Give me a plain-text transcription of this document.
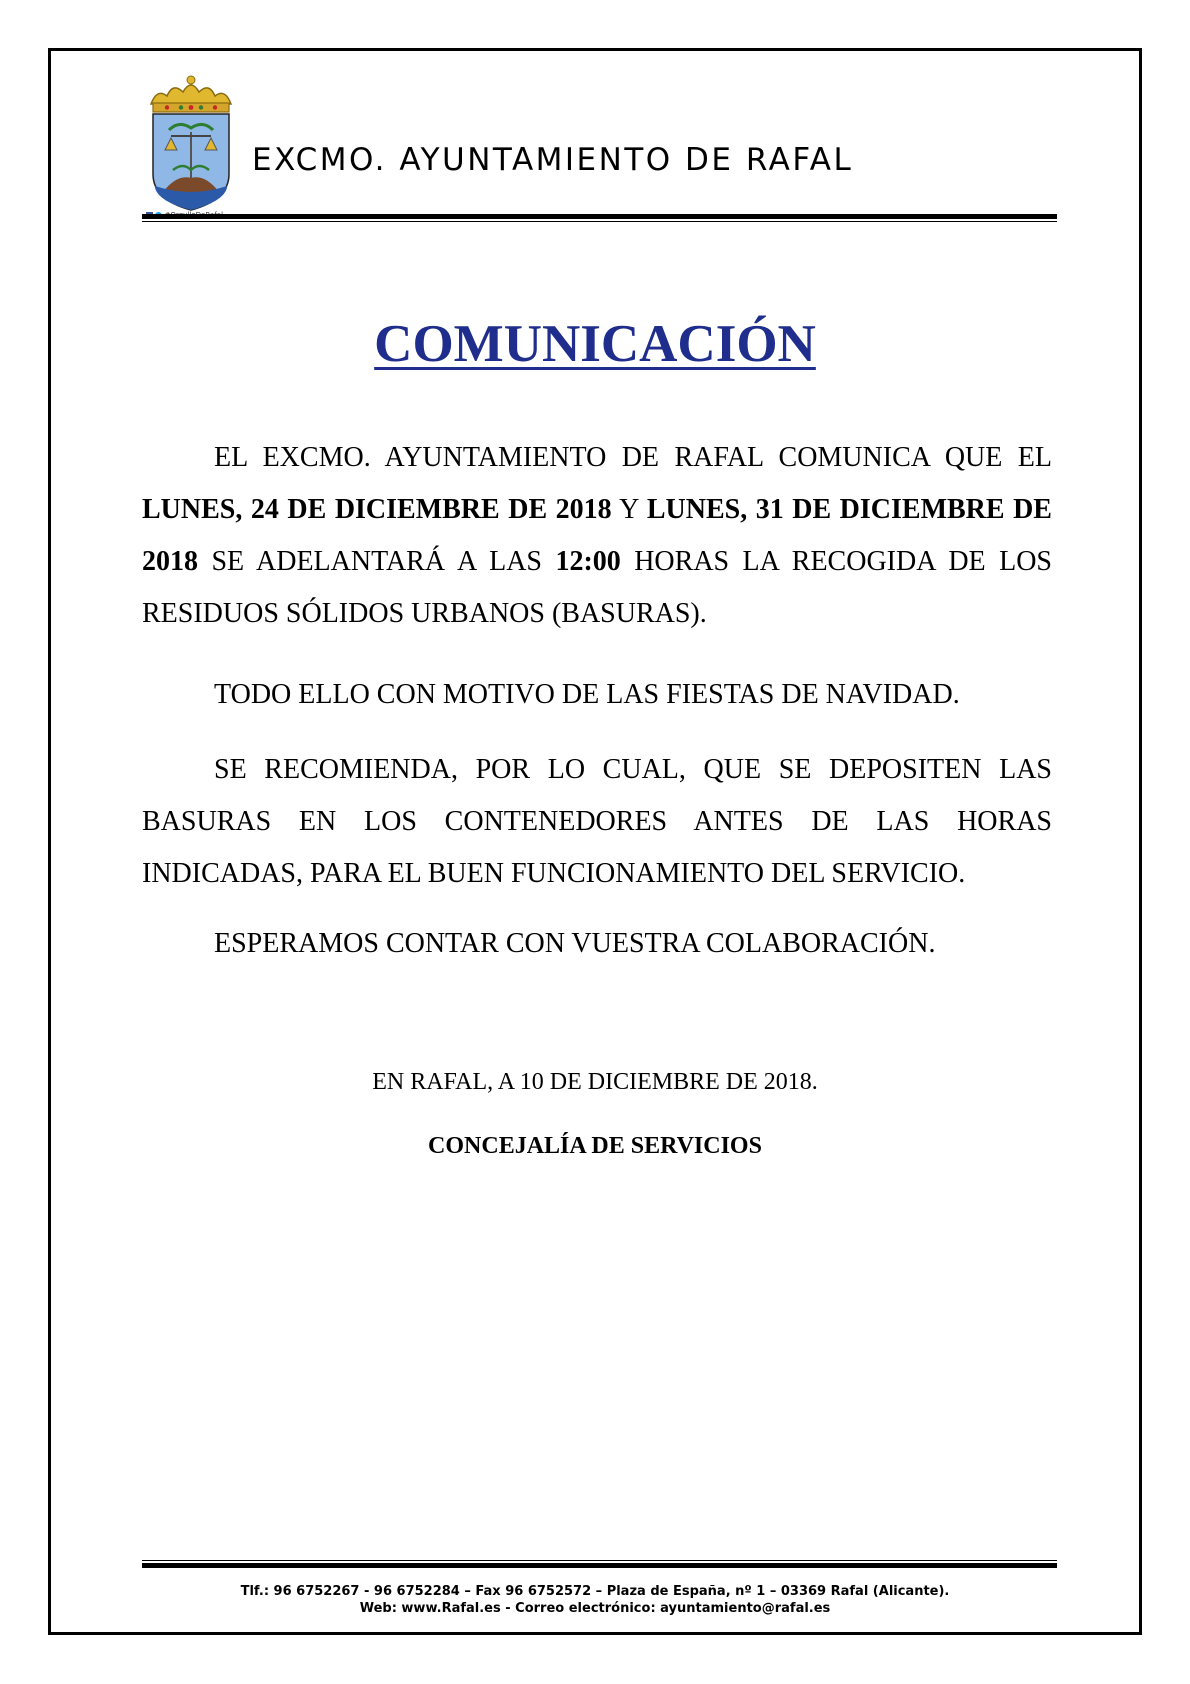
EXCMO. AYUNTAMIENTO DE RAFAL
COMUNICACIÓN
EL EXCMO. AYUNTAMIENTO DE RAFAL COMUNICA QUE EL LUNES, 24 DE DICIEMBRE DE 2018 Y LUNES, 31 DE DICIEMBRE DE 2018 SE ADELANTARÁ A LAS 12:00 HORAS LA RECOGIDA DE LOS RESIDUOS SÓLIDOS URBANOS (BASURAS).
TODO ELLO CON MOTIVO DE LAS FIESTAS DE NAVIDAD.
SE RECOMIENDA, POR LO CUAL, QUE SE DEPOSITEN LAS BASURAS EN LOS CONTENEDORES ANTES DE LAS HORAS INDICADAS, PARA EL BUEN FUNCIONAMIENTO DEL SERVICIO.
ESPERAMOS CONTAR CON VUESTRA COLABORACIÓN.
EN RAFAL, A 10 DE DICIEMBRE DE 2018.
CONCEJALÍA DE SERVICIOS
Tlf.: 96 6752267 - 96 6752284 – Fax 96 6752572 – Plaza de España, nº 1 – 03369 Rafal (Alicante).
Web: www.Rafal.es - Correo electrónico: ayuntamiento@rafal.es
